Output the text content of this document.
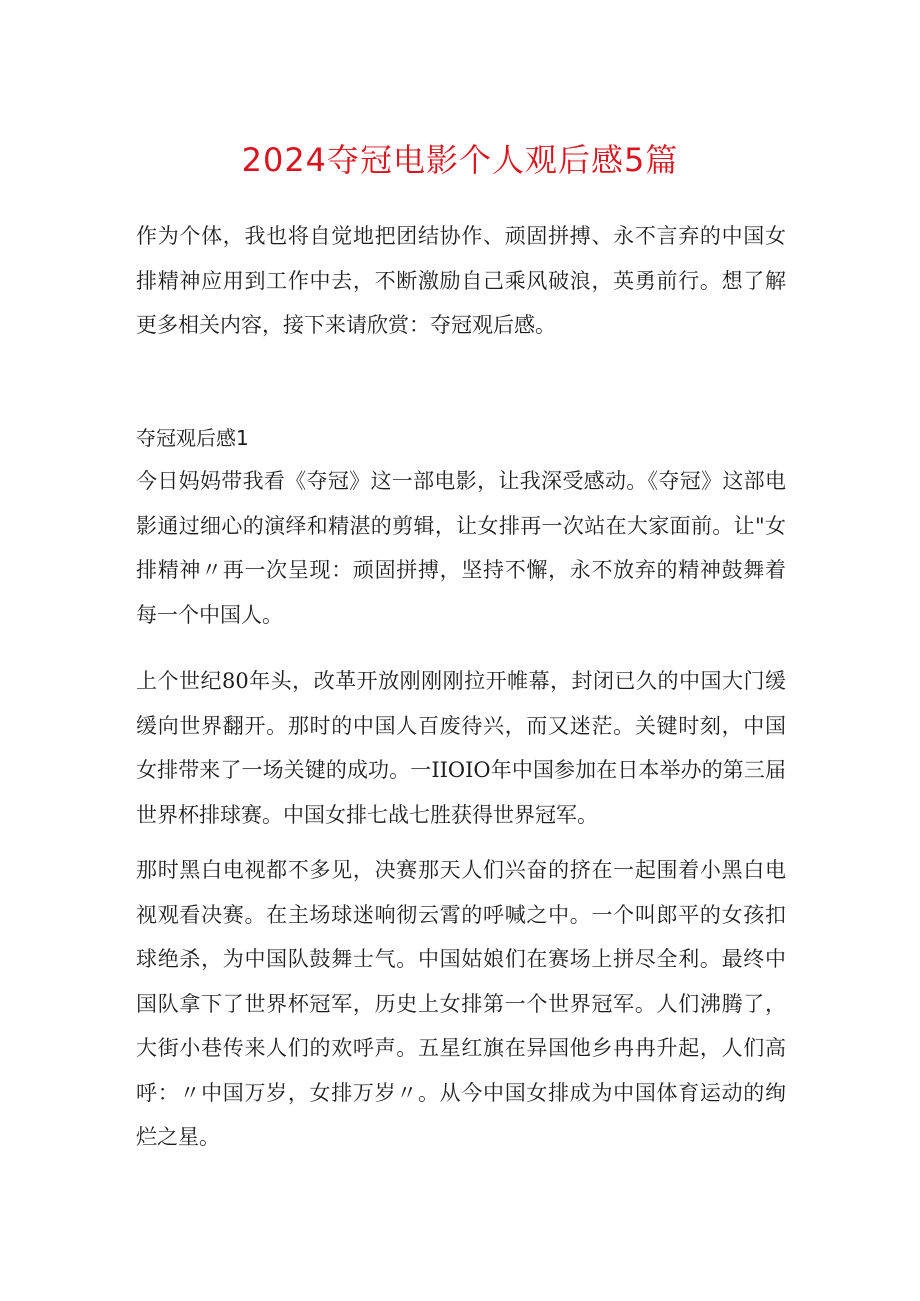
2024夺冠电影个人观后感5篇

作为个体，我也将自觉地把团结协作、顽固拼搏、永不言弃的中国女排精神应用到工作中去，不断激励自己乘风破浪，英勇前行。想了解更多相关内容，接下来请欣赏：夺冠观后感。

夺冠观后感1

今日妈妈带我看《夺冠》这一部电影，让我深受感动。《夺冠》这部电影通过细心的演绎和精湛的剪辑，让女排再一次站在大家面前。让"女排精神〃再一次呈现：顽固拼搏，坚持不懈，永不放弃的精神鼓舞着每一个中国人。

上个世纪80年头，改革开放刚刚刚拉开帷幕，封闭已久的中国大门缓缓向世界翻开。那时的中国人百废待兴，而又迷茫。关键时刻，中国女排带来了一场关键的成功。一IIOIO年中国参加在日本举办的第三届世界杯排球赛。中国女排七战七胜获得世界冠军。

那时黑白电视都不多见，决赛那天人们兴奋的挤在一起围着小黑白电视观看决赛。在主场球迷响彻云霄的呼喊之中。一个叫郎平的女孩扣球绝杀，为中国队鼓舞士气。中国姑娘们在赛场上拼尽全利。最终中国队拿下了世界杯冠军，历史上女排第一个世界冠军。人们沸腾了，大街小巷传来人们的欢呼声。五星红旗在异国他乡冉冉升起，人们高呼：〃中国万岁，女排万岁〃。从今中国女排成为中国体育运动的绚烂之星。
